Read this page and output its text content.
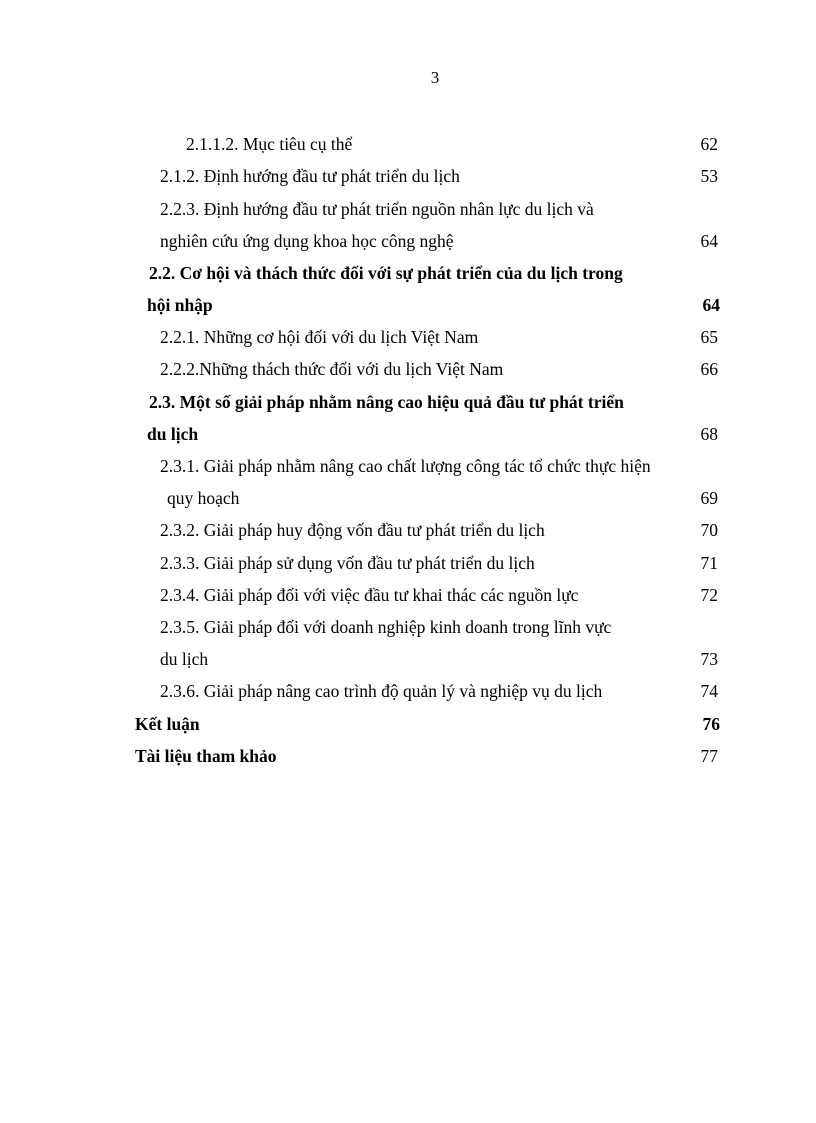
3
2.1.1.2. Mục tiêu cụ thể	62
2.1.2. Định hướng đầu tư phát triển du lịch	53
2.2.3. Định hướng đầu tư phát triển nguồn nhân lực du lịch và
nghiên cứu ứng dụng khoa học công nghệ	64
2.2. Cơ hội và thách thức đối với sự phát triển của du lịch trong
hội nhập	64
2.2.1. Những cơ hội đối với du lịch Việt Nam	65
2.2.2.Những thách thức đối với du lịch Việt Nam	66
2.3. Một số giải pháp nhằm nâng cao hiệu quả đầu tư phát triển
du lịch	68
2.3.1. Giải pháp nhằm nâng cao chất lượng công tác tổ chức thực hiện
quy hoạch	69
2.3.2. Giải pháp huy động vốn đầu tư phát triển du lịch	70
2.3.3. Giải pháp sử dụng vốn đầu tư phát triển du lịch	71
2.3.4. Giải pháp đối với việc đầu tư khai thác các nguồn lực	72
2.3.5. Giải pháp đối với doanh nghiệp kinh doanh trong lĩnh vực
du lịch	73
2.3.6. Giải pháp nâng cao trình độ quản lý và nghiệp vụ du lịch	74
Kết luận	76
Tài liệu tham khảo	77
